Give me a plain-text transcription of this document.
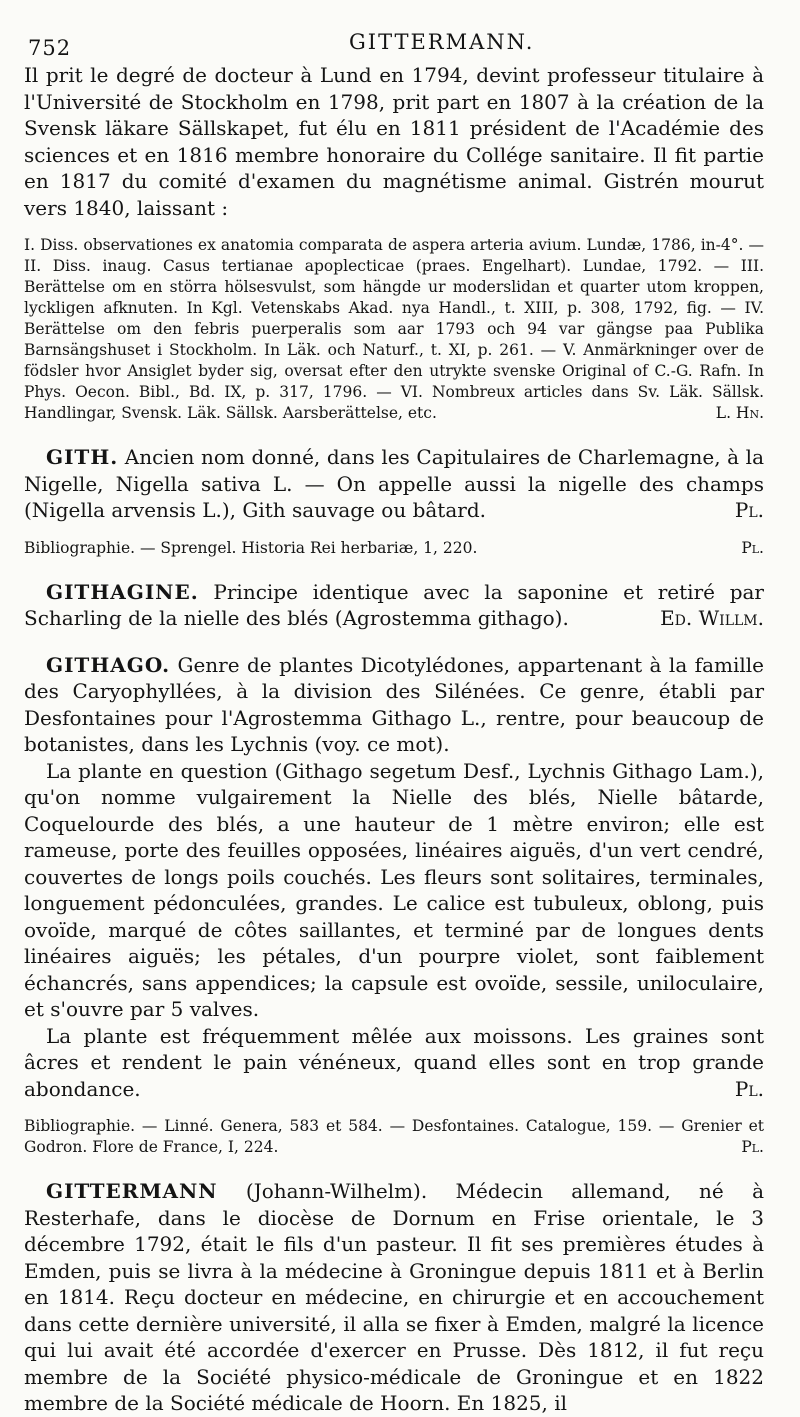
752	GITTERMANN.

Il prit le degré de docteur à Lund en 1794, devint professeur titulaire à l'Université de Stockholm en 1798, prit part en 1807 à la création de la Svensk läkare Sällskapet, fut élu en 1811 président de l'Académie des sciences et en 1816 membre honoraire du Collége sanitaire. Il fit partie en 1817 du comité d'examen du magnétisme animal. Gistrén mourut vers 1840, laissant :

I. Diss. observationes ex anatomia comparata de aspera arteria avium. Lundæ, 1786, in-4°. — II. Diss. inaug. Casus tertianae apoplecticae (praes. Engelhart). Lundae, 1792. — III. Berättelse om en störra hölsesvulst, som hängde ur moderslidan et quarter utom kroppen, lyckligen afknuten. In Kgl. Vetenskabs Akad. nya Handl., t. XIII, p. 308, 1792, fig. — IV. Berättelse om den febris puerperalis som aar 1793 och 94 var gängse paa Publika Barnsängshuset i Stockholm. In Läk. och Naturf., t. XI, p. 261. — V. Anmärkninger over de födsler hvor Ansiglet byder sig, oversat efter den utrykte svenske Original of C.-G. Rafn. In Phys. Oecon. Bibl., Bd. IX, p. 317, 1796. — VI. Nombreux articles dans Sv. Läk. Sällsk. Handlingar, Svensk. Läk. Sällsk. Aarsberättelse, etc.	L. Hn.

GITH. Ancien nom donné, dans les Capitulaires de Charlemagne, à la Nigelle, Nigella sativa L. — On appelle aussi la nigelle des champs (Nigella arvensis L.), Gith sauvage ou bâtard.	Pl.

Bibliographie. — Sprengel. Historia Rei herbariæ, 1, 220.	Pl.

GITHAGINE. Principe identique avec la saponine et retiré par Scharling de la nielle des blés (Agrostemma githago).	Ed. Willm.

GITHAGO. Genre de plantes Dicotylédones, appartenant à la famille des Caryophyllées, à la division des Silénées. Ce genre, établi par Desfontaines pour l'Agrostemma Githago L., rentre, pour beaucoup de botanistes, dans les Lychnis (voy. ce mot).

La plante en question (Githago segetum Desf., Lychnis Githago Lam.), qu'on nomme vulgairement la Nielle des blés, Nielle bâtarde, Coquelourde des blés, a une hauteur de 1 mètre environ; elle est rameuse, porte des feuilles opposées, linéaires aiguës, d'un vert cendré, couvertes de longs poils couchés. Les fleurs sont solitaires, terminales, longuement pédonculées, grandes. Le calice est tubuleux, oblong, puis ovoïde, marqué de côtes saillantes, et terminé par de longues dents linéaires aiguës; les pétales, d'un pourpre violet, sont faiblement échancrés, sans appendices; la capsule est ovoïde, sessile, uniloculaire, et s'ouvre par 5 valves.

La plante est fréquemment mêlée aux moissons. Les graines sont âcres et rendent le pain vénéneux, quand elles sont en trop grande abondance.	Pl.

Bibliographie. — Linné. Genera, 583 et 584. — Desfontaines. Catalogue, 159. — Grenier et Godron. Flore de France, I, 224.	Pl.

GITTERMANN (Johann-Wilhelm). Médecin allemand, né à Resterhafe, dans le diocèse de Dornum en Frise orientale, le 3 décembre 1792, était le fils d'un pasteur. Il fit ses premières études à Emden, puis se livra à la médecine à Groningue depuis 1811 et à Berlin en 1814. Reçu docteur en médecine, en chirurgie et en accouchement dans cette dernière université, il alla se fixer à Emden, malgré la licence qui lui avait été accordée d'exercer en Prusse. Dès 1812, il fut reçu membre de la Société physico-médicale de Groningue et en 1822 membre de la Société médicale de Hoorn. En 1825, il
